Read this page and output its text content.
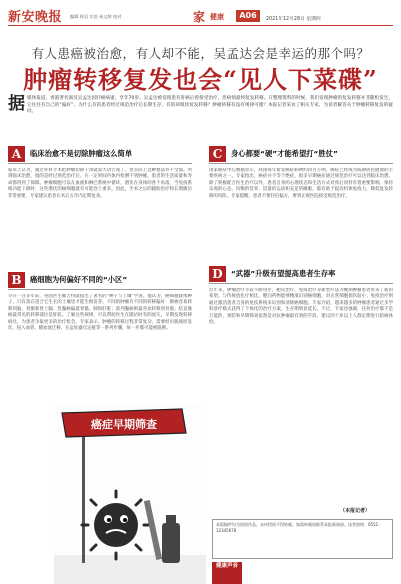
新安晚报 编辑 崔羽 实验 孙文婷 校对	家 健康	A06	2021年12月28日 星期四
有人患癌被治愈，有人却不能，吴孟达会是幸运的那个吗？
肿瘤转移复发也会“见人下菜碟”
据媒体报道，香港著名演员吴孟达因肝癌病逝，享年70岁。吴孟达被发现患有肝癌后曾接受治疗，但病情最终复发转移。在整理资料的时候，我们发现肿瘤的复发转移并非随机发生，它往往有自己的“偏好”。为什么有的患者经过规范治疗后长期生存，有的却很快复发转移？肿瘤转移有没有规律可循？本报记者采访了相关专家，为读者解答关于肿瘤转移复发的疑问。
A	临床治愈不是切除肿瘤这么简单
临床上认为，通过外科手术把肿瘤切除干净就算大功告成了。但实际上这种想法并不全面。所谓临床治愈，指的是经过规范治疗后，在一定时间内体内检测不到肿瘤，患者的生活质量和寿命都得到了保障。肿瘤细胞可以在血液和淋巴系统中循环，潜伏在身体的各个角落，当免疫系统功能下降时，这些潜伏的癌细胞就有可能卷土重来。因此，手术之后的辅助治疗和长期随访非常重要，专家建议患者在术后五年内定期复查。
B	癌细胞为何偏好不同的“小区”
早在一百多年前，英国医生佩吉特就提出了著名的“种子与土壤”学说。他认为，癌细胞就像种子，只有落在适合它生长的土壤里才能生根发芽。不同的肿瘤有不同的转移偏好：肺癌容易转移到脑、骨骼和肾上腺；乳腺癌偏爱骨骼、肺和肝脏；前列腺癌则最喜欢转移到骨骼；结直肠癌最常见的转移部位是肝脏。了解这些规律，可以帮助医生在随访时有的放矢，早期发现转移病灶，为患者争取更多的治疗机会。专家表示，肿瘤的转移过程非常复杂，需要经历脱离原发灶、侵入血管、随血流迁移、在远处器官定植等一系列步骤，每一步都可能被阻断。
C	身心都要“硬”才能希望打“胜仗”
国家癌症中心数据显示，我国每年新发癌症病例约四百万例，癌症已经成为威胁居民健康的主要疾病之一。专家指出，癌症并不等于绝症，很多早期癌症通过规范治疗可以达到临床治愈。除了积极配合医生治疗以外，患者自身的心理状态和生活方式对预后同样有着重要影响。保持乐观的心态、均衡的营养、适量的运动和充足的睡眠，都有助于提高机体免疫力，降低复发转移的风险。专家提醒，患者不要轻信偏方，要到正规医院接受规范治疗。
D	“武器”升级有望提高患者生存率
近年来，肿瘤治疗手段不断进步，靶向治疗、免疫治疗等新型疗法为晚期肿瘤患者带来了新的希望。与传统放化疗相比，靶向药物能够精准识别癌细胞，对正常细胞损伤较小；免疫治疗则通过激活患者自身的免疫系统来识别和清除癌细胞。专家介绍，越来越多的肿瘤患者通过多学科诊疗模式获得了个体化的治疗方案，生存期明显延长。不过，专家也强调，任何治疗都不是万能的，预防和早期筛查依然是对抗肿瘤最有效的手段，建议四十岁以上人群定期进行防癌体检。
（本报记者）
癌症早期筛查
本版稿件均为原创作品，未经授权不得转载。如需转载请联系本报新闻部。读者热线：0551-12345678
健康声音
